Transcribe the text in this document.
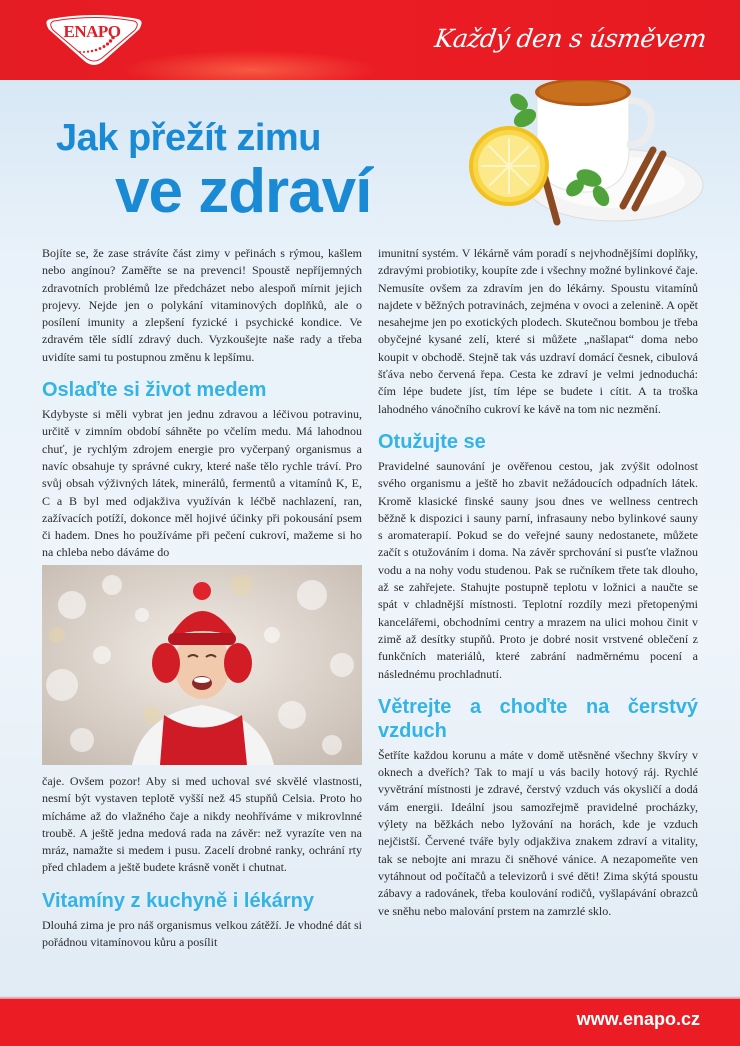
ENAPO	Každý den s úsměvem
Jak přežít zimu
ve zdraví

Bojíte se, že zase strávíte část zimy v peřinách s rýmou, kašlem nebo angínou? Zaměřte se na prevenci! Spoustě nepříjemných zdravotních problémů lze předcházet nebo alespoň mírnit jejich projevy. Nejde jen o polykání vitaminových doplňků, ale o posílení imunity a zlepšení fyzické i psychické kondice. Ve zdravém těle sídlí zdravý duch. Vyzkoušejte naše rady a třeba uvidíte sami tu postupnou změnu k lepšímu.

Oslaďte si život medem

Kdybyste si měli vybrat jen jednu zdravou a léčivou potravinu, určitě v zimním období sáhněte po včelím medu. Má lahodnou chuť, je rychlým zdrojem energie pro vyčerpaný organismus a navíc obsahuje ty správné cukry, které naše tělo rychle tráví. Pro svůj obsah výživných látek, minerálů, fermentů a vitamínů K, E, C a B byl med odjakživa využíván k léčbě nachlazení, ran, zažívacích potíží, dokonce měl hojivé účinky při pokousání psem či hadem. Dnes ho používáme při pečení cukroví, mažeme si ho na chleba nebo dáváme do

čaje. Ovšem pozor! Aby si med uchoval své skvělé vlastnosti, nesmí být vystaven teplotě vyšší než 45 stupňů Celsia. Proto ho mícháme až do vlažného čaje a nikdy neohříváme v mikrovlnné troubě. A ještě jedna medová rada na závěr: než vyrazíte ven na mráz, namažte si medem i pusu. Zacelí drobné ranky, ochrání rty před chladem a ještě budete krásně vonět i chutnat.

Vitamíny z kuchyně i lékárny

Dlouhá zima je pro náš organismus velkou zátěží. Je vhodné dát si pořádnou vitamínovou kůru a posílit

imunitní systém. V lékárně vám poradí s nejvhodnějšími doplňky, zdravými probiotiky, koupíte zde i všechny možné bylinkové čaje. Nemusíte ovšem za zdravím jen do lékárny. Spoustu vitamínů najdete v běžných potravinách, zejména v ovoci a zelenině. A opět nesahejme jen po exotických plodech. Skutečnou bombou je třeba obyčejné kysané zelí, které si můžete „našlapat“ doma nebo koupit v obchodě. Stejně tak vás uzdraví domácí česnek, cibulová šťáva nebo červená řepa. Cesta ke zdraví je velmi jednoduchá: čím lépe budete jíst, tím lépe se budete i cítit. A ta troška lahodného vánočního cukroví ke kávě na tom nic nezmění.

Otužujte se

Pravidelné saunování je ověřenou cestou, jak zvýšit odolnost svého organismu a ještě ho zbavit nežádoucích odpadních látek. Kromě klasické finské sauny jsou dnes ve wellness centrech běžně k dispozici i sauny parní, infrasauny nebo bylinkové sauny s aromaterapií. Pokud se do veřejné sauny nedostanete, můžete začít s otužováním i doma. Na závěr sprchování si pusťte vlažnou vodu a na nohy vodu studenou. Pak se ručníkem třete tak dlouho, až se zahřejete. Stahujte postupně teplotu v ložnici a naučte se spát v chladnější místnosti. Teplotní rozdíly mezi přetopenými kancelářemi, obchodními centry a mrazem na ulici mohou činit v zimě až desítky stupňů. Proto je dobré nosit vrstvené oblečení z funkčních materiálů, které zabrání nadměrnému pocení a následnému prochladnutí.

Větrejte a choďte na čerstvý vzduch

Šetříte každou korunu a máte v domě utěsněné všechny škvíry v oknech a dveřích? Tak to mají u vás bacily hotový ráj. Rychlé vyvětrání místnosti je zdravé, čerstvý vzduch vás okysličí a dodá vám energii. Ideální jsou samozřejmě pravidelné procházky, výlety na běžkách nebo lyžování na horách, kde je vzduch nejčistší. Červené tváře byly odjakživa znakem zdraví a vitality, tak se nebojte ani mrazu či sněhové vánice. A nezapomeňte ven vytáhnout od počítačů a televizorů i své děti! Zima skýtá spoustu zábavy a radovánek, třeba koulování rodičů, vyšlapávání obrazců ve sněhu nebo malování prstem na zamrzlé sklo.

www.enapo.cz
